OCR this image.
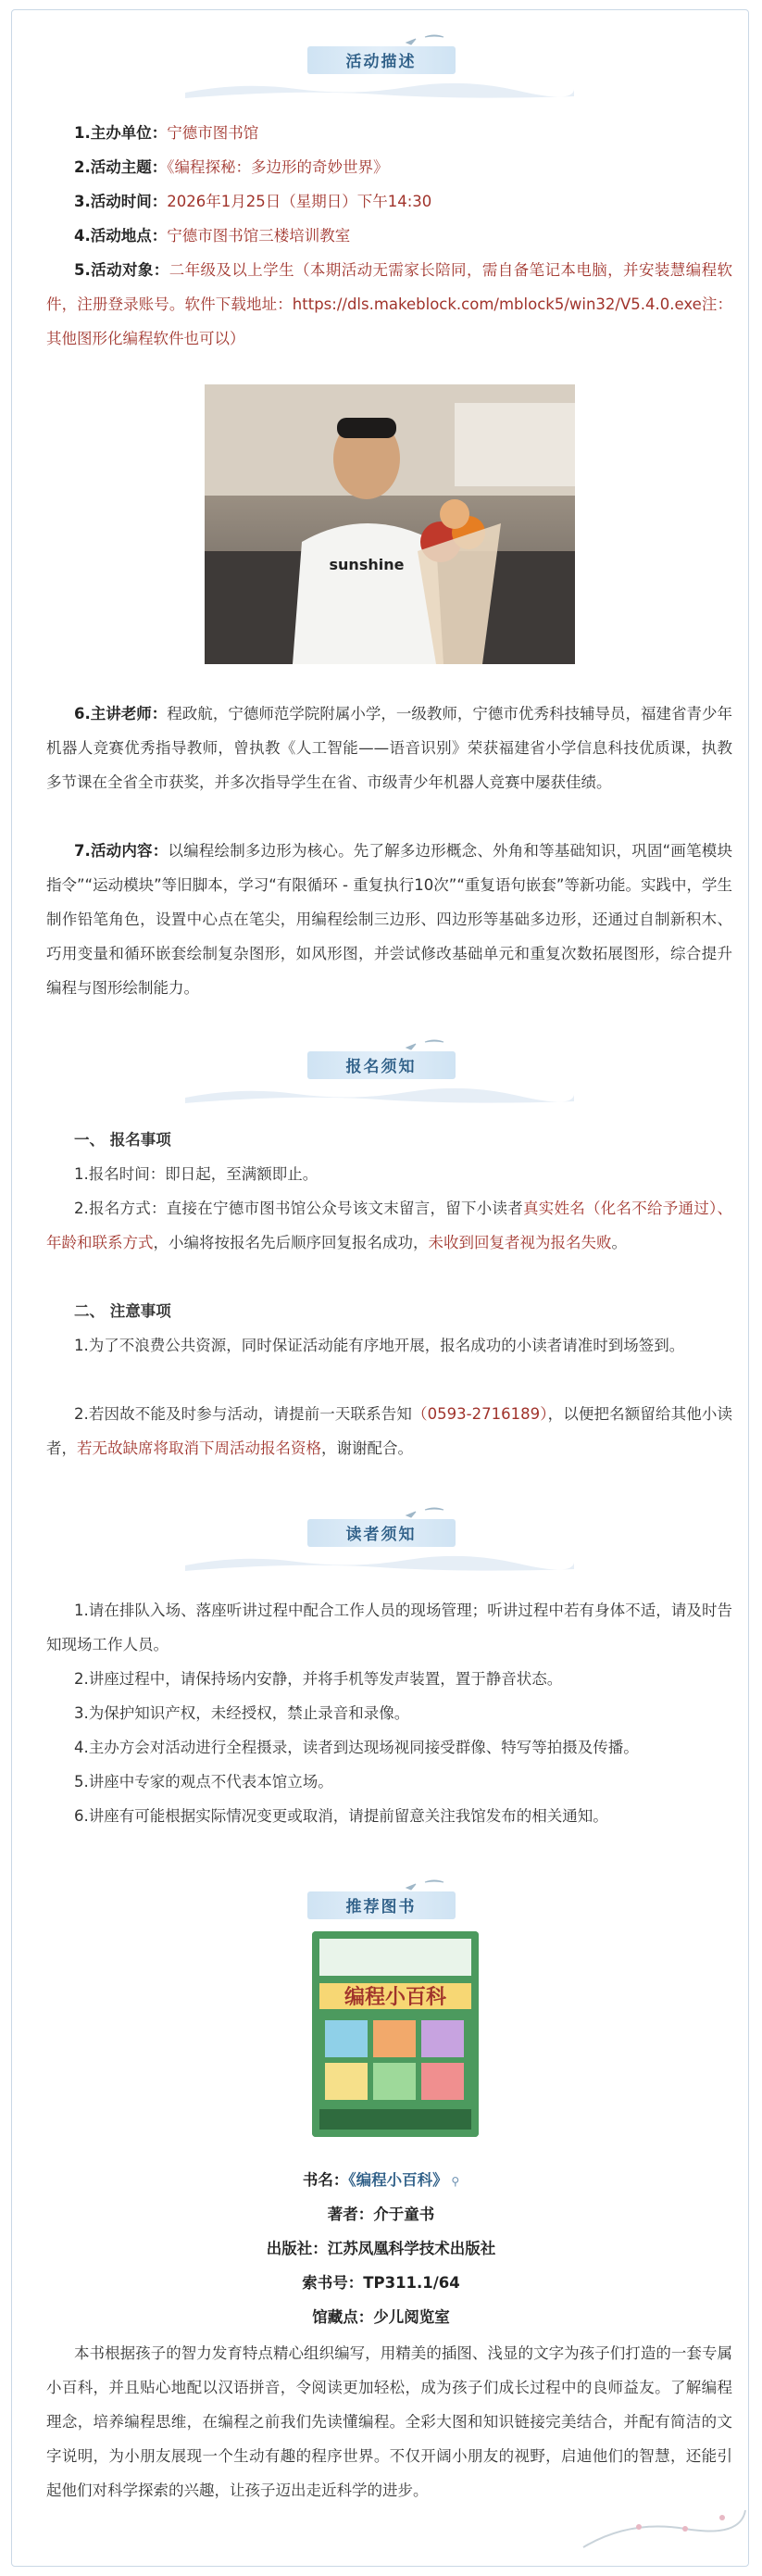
活动描述
1.主办单位：宁德市图书馆
2.活动主题：《编程探秘：多边形的奇妙世界》
3.活动时间：2026年1月25日（星期日）下午14:30
4.活动地点：宁德市图书馆三楼培训教室
5.活动对象：二年级及以上学生（本期活动无需家长陪同，需自备笔记本电脑，并安装慧编程软件，注册登录账号。软件下载地址：https://dls.makeblock.com/mblock5/win32/V5.4.0.exe注：其他图形化编程软件也可以）
sunshine
6.主讲老师：程政航，宁德师范学院附属小学，一级教师，宁德市优秀科技辅导员，福建省青少年机器人竞赛优秀指导教师，曾执教《人工智能——语音识别》荣获福建省小学信息科技优质课，执教多节课在全省全市获奖，并多次指导学生在省、市级青少年机器人竞赛中屡获佳绩。
7.活动内容：以编程绘制多边形为核心。先了解多边形概念、外角和等基础知识，巩固“画笔模块指令”“运动模块”等旧脚本，学习“有限循环 - 重复执行10次”“重复语句嵌套”等新功能。实践中，学生制作铅笔角色，设置中心点在笔尖，用编程绘制三边形、四边形等基础多边形，还通过自制新积木、巧用变量和循环嵌套绘制复杂图形，如风形图，并尝试修改基础单元和重复次数拓展图形，综合提升编程与图形绘制能力。
报名须知
一、 报名事项
1.报名时间：即日起，至满额即止。
2.报名方式：直接在宁德市图书馆公众号该文末留言，留下小读者真实姓名（化名不给予通过）、年龄和联系方式，小编将按报名先后顺序回复报名成功，未收到回复者视为报名失败。
二、 注意事项
1.为了不浪费公共资源，同时保证活动能有序地开展，报名成功的小读者请准时到场签到。
2.若因故不能及时参与活动，请提前一天联系告知（0593-2716189），以便把名额留给其他小读者，若无故缺席将取消下周活动报名资格，谢谢配合。
读者须知
1.请在排队入场、落座听讲过程中配合工作人员的现场管理；听讲过程中若有身体不适，请及时告知现场工作人员。
2.讲座过程中，请保持场内安静，并将手机等发声装置，置于静音状态。
3.为保护知识产权，未经授权，禁止录音和录像。
4.主办方会对活动进行全程摄录，读者到达现场视同接受群像、特写等拍摄及传播。
5.讲座中专家的观点不代表本馆立场。
6.讲座有可能根据实际情况变更或取消，请提前留意关注我馆发布的相关通知。
推荐图书
编程小百科
书名：《编程小百科》 ⚲
著者：介于童书
出版社：江苏凤凰科学技术出版社
索书号：TP311.1/64
馆藏点：少儿阅览室
本书根据孩子的智力发育特点精心组织编写，用精美的插图、浅显的文字为孩子们打造的一套专属小百科，并且贴心地配以汉语拼音，令阅读更加轻松，成为孩子们成长过程中的良师益友。了解编程理念，培养编程思维，在编程之前我们先读懂编程。全彩大图和知识链接完美结合，并配有简洁的文字说明，为小朋友展现一个生动有趣的程序世界。不仅开阔小朋友的视野，启迪他们的智慧，还能引起他们对科学探索的兴趣，让孩子迈出走近科学的进步。
